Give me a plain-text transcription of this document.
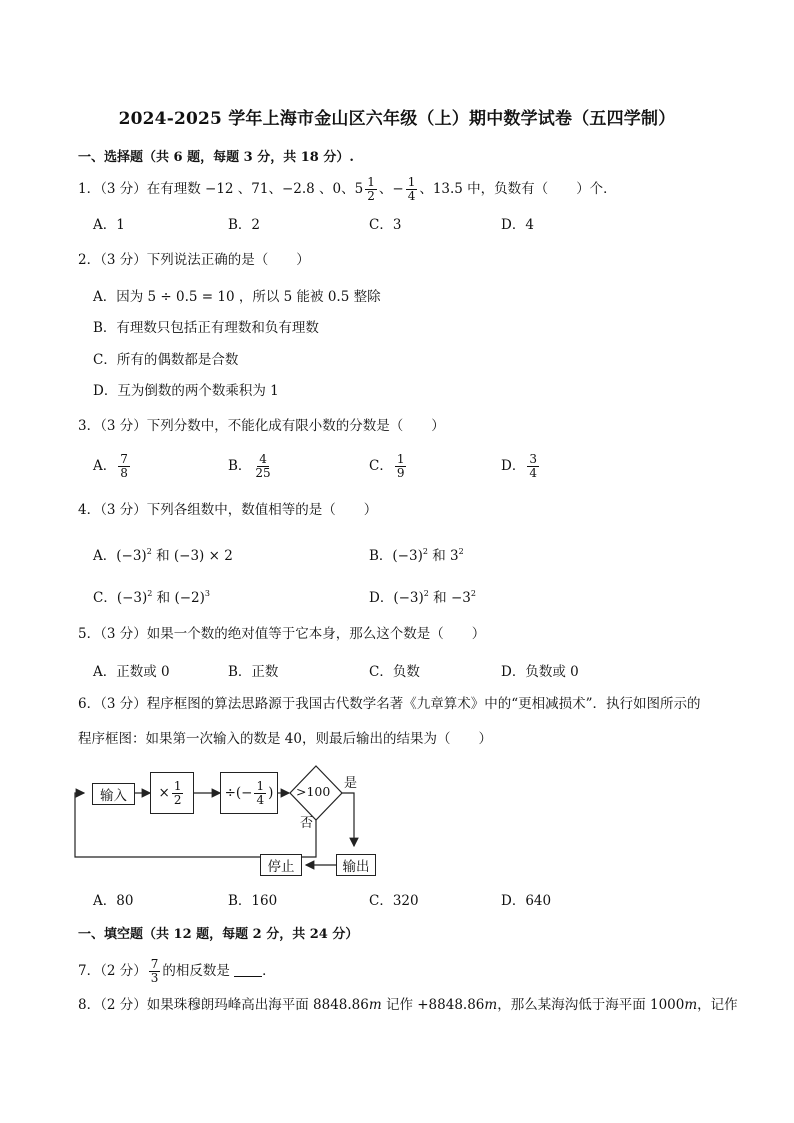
2024-2025 学年上海市金山区六年级（上）期中数学试卷（五四学制）
一、选择题（共 6 题，每题 3 分，共 18 分）.
1．（3 分）在有理数 −12 、71、−2.8 、0、$5 \frac{1}{2}$ 、− $\frac{1}{4}$ 、13.5 中，负数有（ ）个．
A．1	B．2	C．3	D．4
2．（3 分）下列说法正确的是（ ）
A．因为 5 ÷ 0.5 = 10 ，所以 5 能被 0.5 整除
B．有理数只包括正有理数和负有理数
C．所有的偶数都是合数
D．互为倒数的两个数乘积为 1
3．（3 分）下列分数中，不能化成有限小数的分数是（ ）
A． $\frac{7}{8}$	B． $\frac{4}{25}$	C． $\frac{1}{9}$	D． $\frac{3}{4}$
4．（3 分）下列各组数中，数值相等的是（ ）
A．$(-3)^2$ 和 (−3) × 2	B．$(-3)^2$ 和 $3^2$
C．$(-3)^2$ 和 $(-2)^3$	D．$(-3)^2$ 和 $-3^2$
5．（3 分）如果一个数的绝对值等于它本身，那么这个数是（ ）
A．正数或 0	B．正数	C．负数	D．负数或 0
6．（3 分）程序框图的算法思路源于我国古代数学名著《九章算术》中的“更相减损术”．执行如图所示的
程序框图：如果第一次输入的数是 40，则最后输出的结果为（ ）
输入 × $\frac{1}{2}$	÷(− $\frac{1}{4}$ ) >100
是
否
输出
停止
A．80	B．160	C．320	D．640
一、填空题（共 12 题，每题 2 分，共 24 分）
7．（2 分） $\frac{7}{3}$ 的相反数是 ．
8．（2 分）如果珠穆朗玛峰高出海平面 8848.86m 记作 +8848.86m，那么某海沟低于海平面 1000m，记作
